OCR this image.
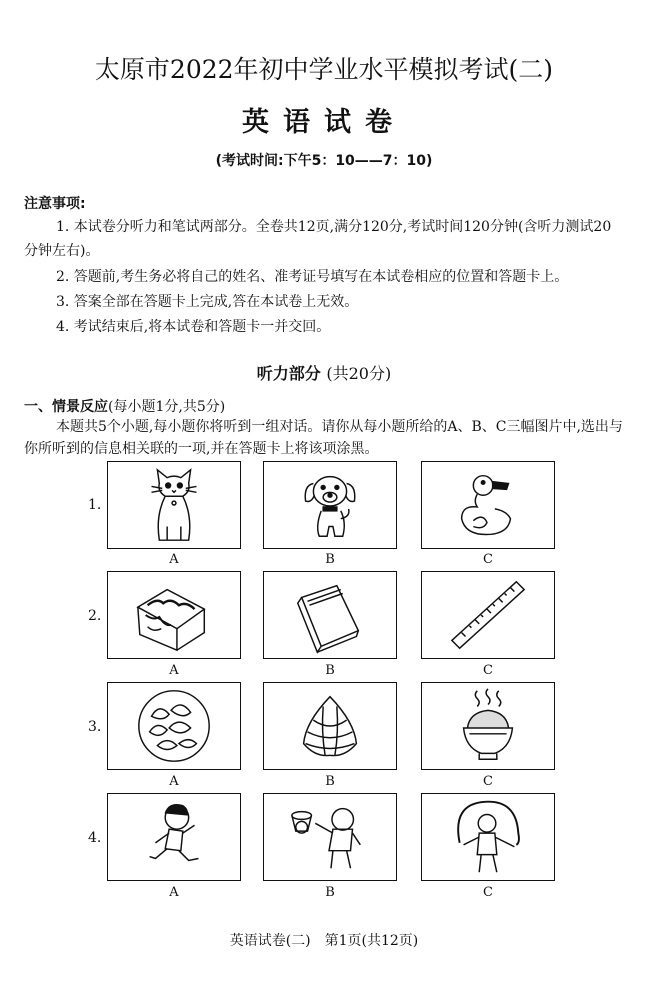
太原市2022年初中学业水平模拟考试(二)
英语试卷
(考试时间:下午5：10——7：10)
注意事项:
1. 本试卷分听力和笔试两部分。全卷共12页,满分120分,考试时间120分钟(含听力测试20分钟左右)。
2. 答题前,考生务必将自己的姓名、准考证号填写在本试卷相应的位置和答题卡上。
3. 答案全部在答题卡上完成,答在本试卷上无效。
4. 考试结束后,将本试卷和答题卡一并交回。
听力部分 (共20分)
一、情景反应(每小题1分,共5分)
本题共5个小题,每小题你将听到一组对话。请你从每小题所给的A、B、C三幅图片中,选出与你所听到的信息相关联的一项,并在答题卡上将该项涂黑。
1.
A	B	C
2.
A	B	C
3.
A	B	C
4.
A	B	C
英语试卷(二)　第1页(共12页)
